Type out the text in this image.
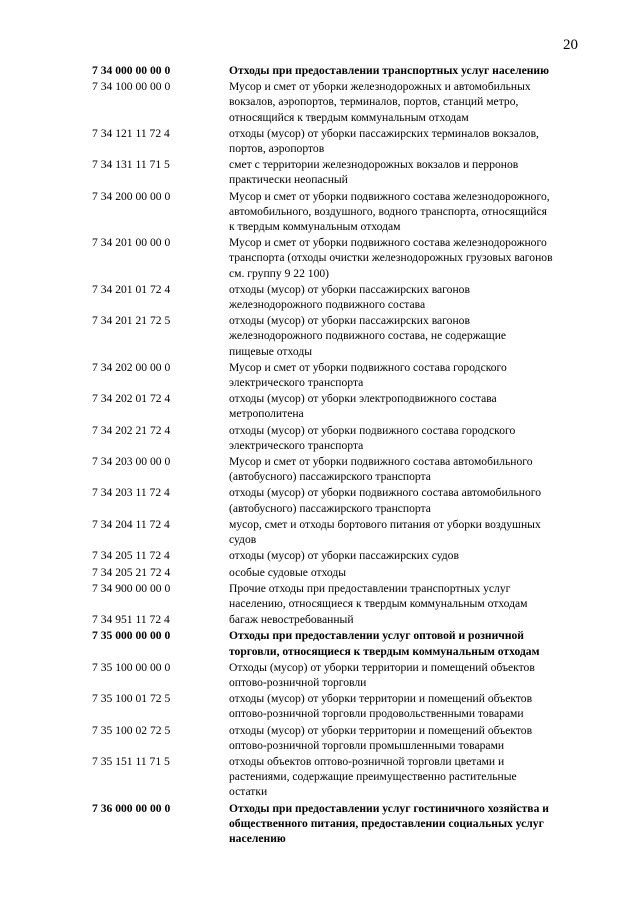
20
7 34 000 00 00 0	Отходы при предоставлении транспортных услуг населению
7 34 100 00 00 0	Мусор и смет от уборки железнодорожных и автомобильных
вокзалов, аэропортов, терминалов, портов, станций метро,
относящийся к твердым коммунальным отходам
7 34 121 11 72 4	отходы (мусор) от уборки пассажирских терминалов вокзалов,
портов, аэропортов
7 34 131 11 71 5	смет с территории железнодорожных вокзалов и перронов
практически неопасный
7 34 200 00 00 0	Мусор и смет от уборки подвижного состава железнодорожного,
автомобильного, воздушного, водного транспорта, относящийся
к твердым коммунальным отходам
7 34 201 00 00 0	Мусор и смет от уборки подвижного состава железнодорожного
транспорта (отходы очистки железнодорожных грузовых вагонов
см. группу 9 22 100)
7 34 201 01 72 4	отходы (мусор) от уборки пассажирских вагонов
железнодорожного подвижного состава
7 34 201 21 72 5	отходы (мусор) от уборки пассажирских вагонов
железнодорожного подвижного состава, не содержащие
пищевые отходы
7 34 202 00 00 0	Мусор и смет от уборки подвижного состава городского
электрического транспорта
7 34 202 01 72 4	отходы (мусор) от уборки электроподвижного состава
метрополитена
7 34 202 21 72 4	отходы (мусор) от уборки подвижного состава городского
электрического транспорта
7 34 203 00 00 0	Мусор и смет от уборки подвижного состава автомобильного
(автобусного) пассажирского транспорта
7 34 203 11 72 4	отходы (мусор) от уборки подвижного состава автомобильного
(автобусного) пассажирского транспорта
7 34 204 11 72 4	мусор, смет и отходы бортового питания от уборки воздушных
судов
7 34 205 11 72 4	отходы (мусор) от уборки пассажирских судов
7 34 205 21 72 4	особые судовые отходы
7 34 900 00 00 0	Прочие отходы при предоставлении транспортных услуг
населению, относящиеся к твердым коммунальным отходам
7 34 951 11 72 4	багаж невостребованный
7 35 000 00 00 0	Отходы при предоставлении услуг оптовой и розничной
торговли, относящиеся к твердым коммунальным отходам
7 35 100 00 00 0	Отходы (мусор) от уборки территории и помещений объектов
оптово-розничной торговли
7 35 100 01 72 5	отходы (мусор) от уборки территории и помещений объектов
оптово-розничной торговли продовольственными товарами
7 35 100 02 72 5	отходы (мусор) от уборки территории и помещений объектов
оптово-розничной торговли промышленными товарами
7 35 151 11 71 5	отходы объектов оптово-розничной торговли цветами и
растениями, содержащие преимущественно растительные
остатки
7 36 000 00 00 0	Отходы при предоставлении услуг гостиничного хозяйства и
общественного питания, предоставлении социальных услуг
населению
